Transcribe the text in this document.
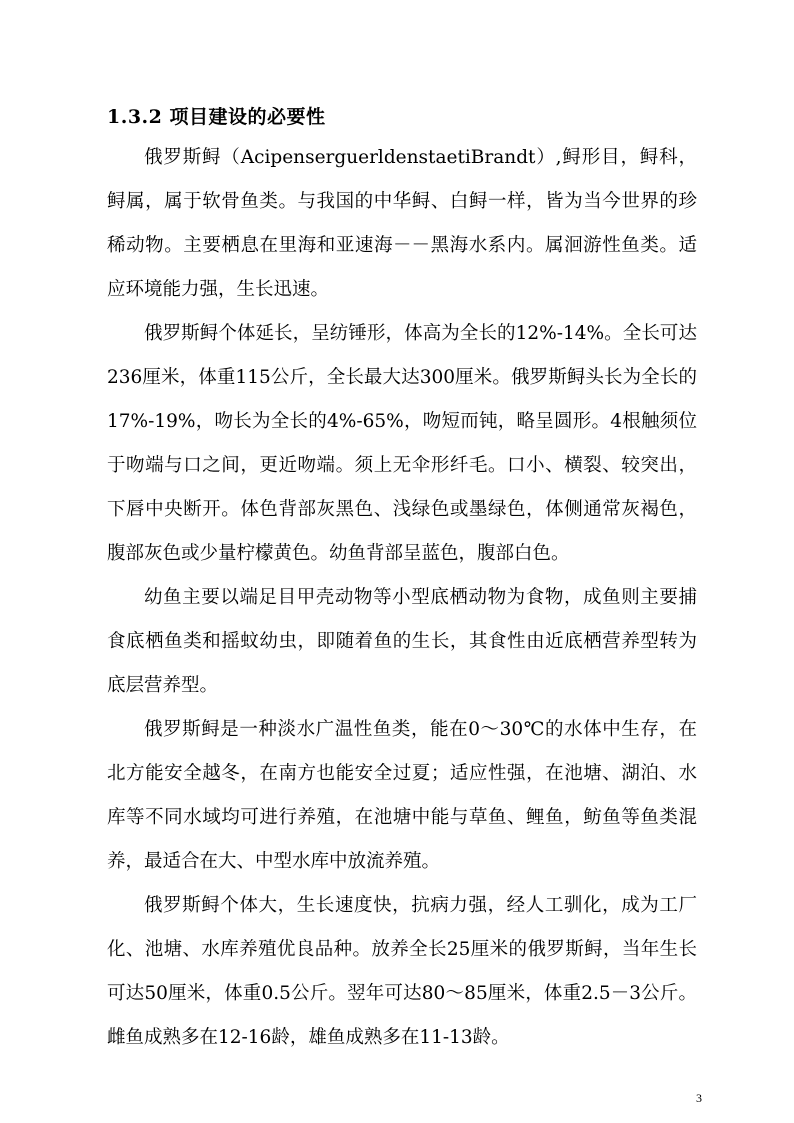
1.3.2 项目建设的必要性

俄罗斯鲟（AcipenserguerldenstaetiBrandt）,鲟形目，鲟科，鲟属，属于软骨鱼类。与我国的中华鲟、白鲟一样，皆为当今世界的珍稀动物。主要栖息在里海和亚速海－－黑海水系内。属洄游性鱼类。适应环境能力强，生长迅速。

俄罗斯鲟个体延长，呈纺锤形，体高为全长的12%-14%。全长可达236厘米，体重115公斤，全长最大达300厘米。俄罗斯鲟头长为全长的17%-19%，吻长为全长的4%-65%，吻短而钝，略呈圆形。4根触须位于吻端与口之间，更近吻端。须上无伞形纤毛。口小、横裂、较突出，下唇中央断开。体色背部灰黑色、浅绿色或墨绿色，体侧通常灰褐色，腹部灰色或少量柠檬黄色。幼鱼背部呈蓝色，腹部白色。

幼鱼主要以端足目甲壳动物等小型底栖动物为食物，成鱼则主要捕食底栖鱼类和摇蚊幼虫，即随着鱼的生长，其食性由近底栖营养型转为底层营养型。

俄罗斯鲟是一种淡水广温性鱼类，能在0～30℃的水体中生存，在北方能安全越冬，在南方也能安全过夏；适应性强，在池塘、湖泊、水库等不同水域均可进行养殖，在池塘中能与草鱼、鲤鱼，鲂鱼等鱼类混养，最适合在大、中型水库中放流养殖。

俄罗斯鲟个体大，生长速度快，抗病力强，经人工驯化，成为工厂化、池塘、水库养殖优良品种。放养全长25厘米的俄罗斯鲟，当年生长可达50厘米，体重0.5公斤。翌年可达80～85厘米，体重2.5－3公斤。雌鱼成熟多在12-16龄，雄鱼成熟多在11-13龄。

3
